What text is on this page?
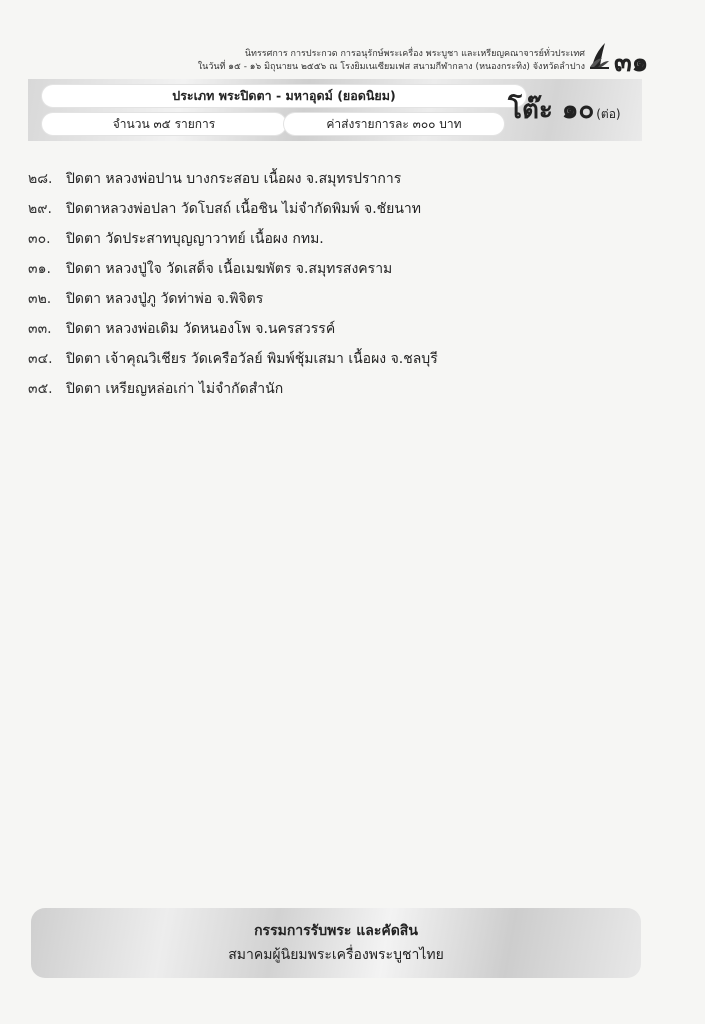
นิทรรศการ การประกวด การอนุรักษ์พระเครื่อง พระบูชา และเหรียญคณาจารย์ทั่วประเทศ
ในวันที่ ๑๕ - ๑๖ มิถุนายน ๒๕๕๖ ณ โรงยิมเนเซียมเฟส สนามกีฬากลาง (หนองกระทิง) จังหวัดลำปาง ๓๑
ประเภท พระปิดตา - มหาอุดม์ (ยอดนิยม)
จำนวน ๓๕ รายการ	ค่าส่งรายการละ ๓๐๐ บาท	โต๊ะ ๑๐ (ต่อ)
๒๘. ปิดตา หลวงพ่อปาน บางกระสอบ เนื้อผง จ.สมุทรปราการ
๒๙. ปิดตาหลวงพ่อปลา วัดโบสถ์ เนื้อชิน ไม่จำกัดพิมพ์ จ.ชัยนาท
๓๐. ปิดตา วัดประสาทบุญญาวาทย์ เนื้อผง กทม.
๓๑. ปิดตา หลวงปู่ใจ วัดเสด็จ เนื้อเมฆพัตร จ.สมุทรสงคราม
๓๒. ปิดตา หลวงปู่ภู วัดท่าพ่อ จ.พิจิตร
๓๓. ปิดตา หลวงพ่อเดิม วัดหนองโพ จ.นครสวรรค์
๓๔. ปิดตา เจ้าคุณวิเชียร วัดเครือวัลย์ พิมพ์ชุ้มเสมา เนื้อผง จ.ชลบุรี
๓๕. ปิดตา เหรียญหล่อเก่า ไม่จำกัดสำนัก
กรรมการรับพระ และคัดสิน
สมาคมผู้นิยมพระเครื่องพระบูชาไทย
